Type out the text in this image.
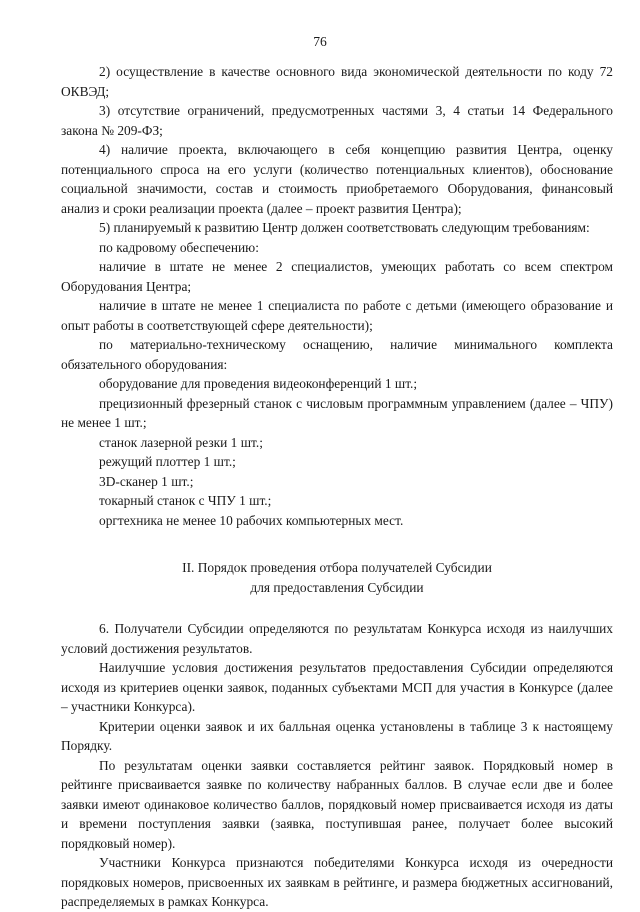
76

2) осуществление в качестве основного вида экономической деятельности по коду 72 ОКВЭД;

3) отсутствие ограничений, предусмотренных частями 3, 4 статьи 14 Федерального закона № 209-ФЗ;

4) наличие проекта, включающего в себя концепцию развития Центра, оценку потенциального спроса на его услуги (количество потенциальных клиентов), обоснование социальной значимости, состав и стоимость приобретаемого Оборудования, финансовый анализ и сроки реализации проекта (далее – проект развития Центра);

5) планируемый к развитию Центр должен соответствовать следующим требованиям:

по кадровому обеспечению:

наличие в штате не менее 2 специалистов, умеющих работать со всем спектром Оборудования Центра;

наличие в штате не менее 1 специалиста по работе с детьми (имеющего образование и опыт работы в соответствующей сфере деятельности);

по материально-техническому оснащению, наличие минимального комплекта обязательного оборудования:

оборудование для проведения видеоконференций 1 шт.;

прецизионный фрезерный станок с числовым программным управлением (далее – ЧПУ) не менее 1 шт.;

станок лазерной резки 1 шт.;

режущий плоттер 1 шт.;

3D-сканер 1 шт.;

токарный станок с ЧПУ 1 шт.;

оргтехника не менее 10 рабочих компьютерных мест.

II. Порядок проведения отбора получателей Субсидии
для предоставления Субсидии

6. Получатели Субсидии определяются по результатам Конкурса исходя из наилучших условий достижения результатов.

Наилучшие условия достижения результатов предоставления Субсидии определяются исходя из критериев оценки заявок, поданных субъектами МСП для участия в Конкурсе (далее – участники Конкурса).

Критерии оценки заявок и их балльная оценка установлены в таблице 3 к настоящему Порядку.

По результатам оценки заявки составляется рейтинг заявок. Порядковый номер в рейтинге присваивается заявке по количеству набранных баллов. В случае если две и более заявки имеют одинаковое количество баллов, порядковый номер присваивается исходя из даты и времени поступления заявки (заявка, поступившая ранее, получает более высокий порядковый номер).

Участники Конкурса признаются победителями Конкурса исходя из очередности порядковых номеров, присвоенных их заявкам в рейтинге, и размера бюджетных ассигнований, распределяемых в рамках Конкурса.
